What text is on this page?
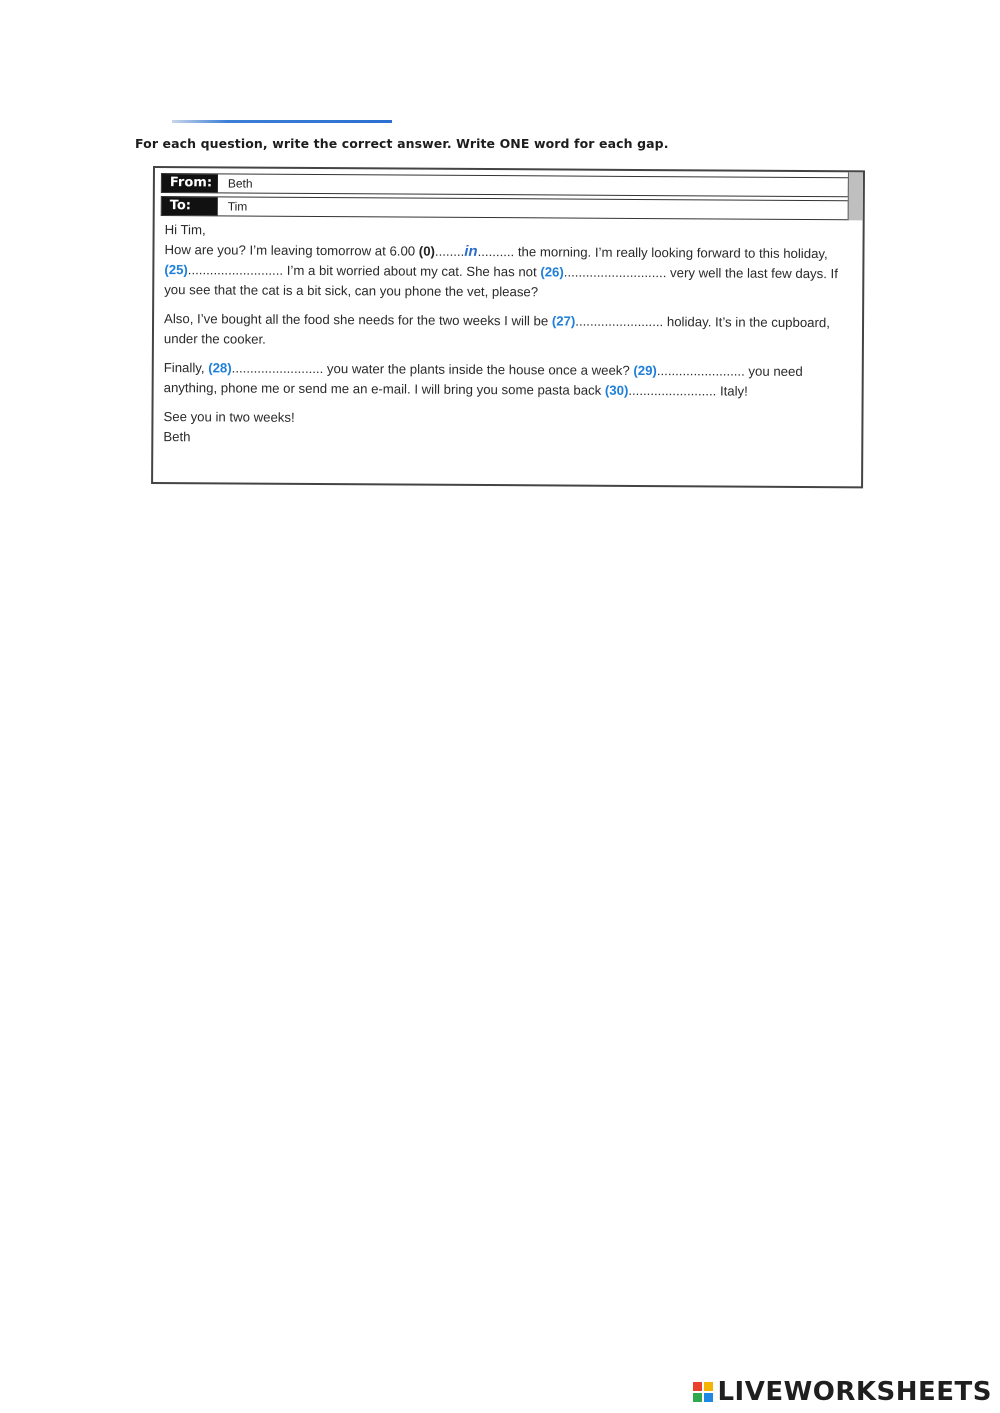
For each question, write the correct answer. Write ONE word for each gap.
From:	Beth
To:	Tim
Hi Tim,

How are you? I’m leaving tomorrow at 6.00 (0)........in.......... the morning. I’m really looking forward to this holiday, (25).......................... I’m a bit worried about my cat. She has not (26)............................ very well the last few days. If you see that the cat is a bit sick, can you phone the vet, please?

Also, I’ve bought all the food she needs for the two weeks I will be (27)........................ holiday. It’s in the cupboard, under the cooker.

Finally, (28)......................... you water the plants inside the house once a week? (29)........................ you need anything, phone me or send me an e-mail. I will bring you some pasta back (30)........................ Italy!

See you in two weeks!
Beth
LIVEWORKSHEETS
